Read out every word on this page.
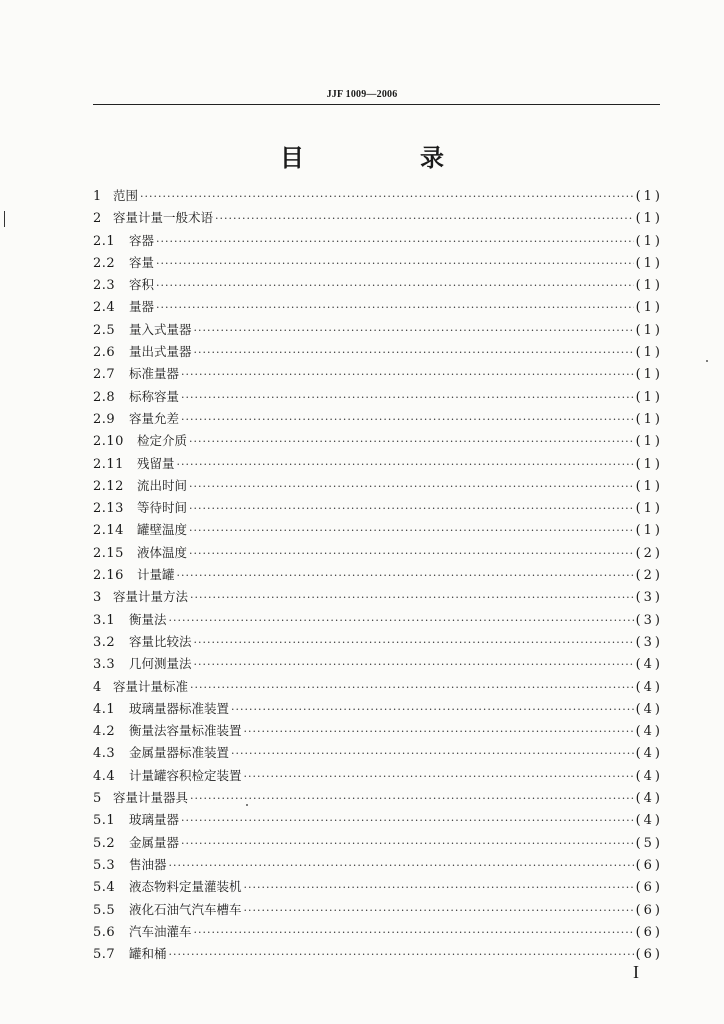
JJF 1009—2006
目　录
1 范围 ·····	(1)
2 容量计量一般术语 ·····	(1)
2.1	容器 ·····	(1)
2.2	容量 ·····	(1)
2.3	容积 ·····	(1)
2.4	量器 ·····	(1)
2.5	量入式量器 ·····	(1)
2.6	量出式量器 ·····	(1)
2.7	标准量器 ·····	(1)
2.8	标称容量 ·····	(1)
2.9	容量允差 ·····	(1)
2.10	检定介质 ·····	(1)
2.11	残留量 ·····	(1)
2.12	流出时间 ·····	(1)
2.13	等待时间 ·····	(1)
2.14	罐壁温度 ·····	(1)
2.15	液体温度 ·····	(2)
2.16	计量罐 ·····	(2)
3 容量计量方法 ·····	(3)
3.1	衡量法 ·····	(3)
3.2	容量比较法 ·····	(3)
3.3	几何测量法 ·····	(4)
4 容量计量标准 ·····	(4)
4.1	玻璃量器标准装置 ·····	(4)
4.2	衡量法容量标准装置 ·····	(4)
4.3	金属量器标准装置 ·····	(4)
4.4	计量罐容积检定装置 ·····	(4)
5 容量计量器具 ·····	(4)
5.1	玻璃量器 ·····	(4)
5.2	金属量器 ·····	(5)
5.3	售油器 ·····	(6)
5.4	液态物料定量灌装机 ·····	(6)
5.5	液化石油气汽车槽车 ·····	(6)
5.6	汽车油灌车 ·····	(6)
5.7	罐和桶 ·····	(6)
I
